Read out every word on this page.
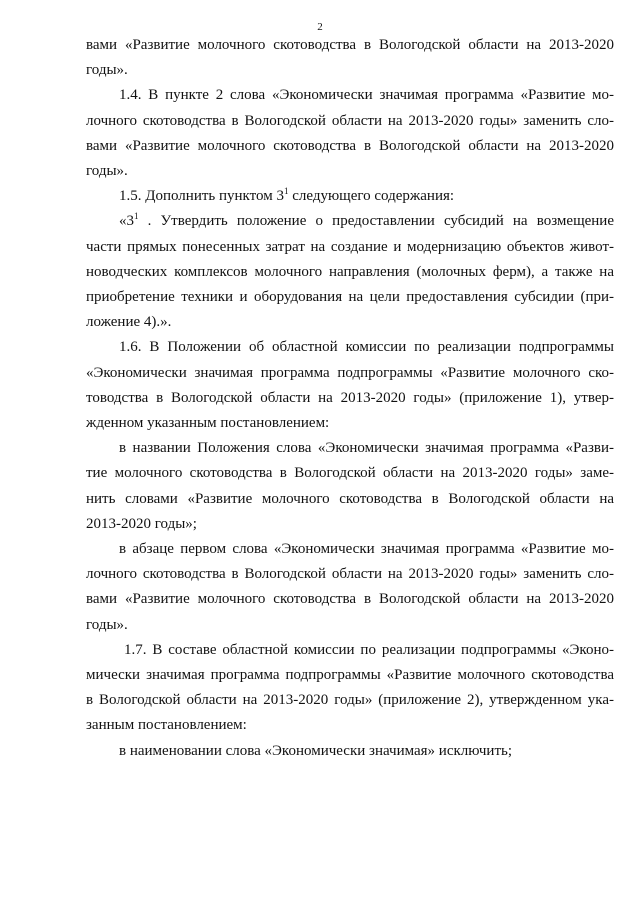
2
вами «Развитие молочного скотоводства в Вологодской области на 2013-2020
годы».
1.4. В пункте 2 слова «Экономически значимая программа «Развитие мо-
лочного скотоводства в Вологодской области на 2013-2020 годы» заменить сло-
вами «Развитие молочного скотоводства в Вологодской области на 2013-2020
годы».
1.5. Дополнить пунктом $3^1$ следующего содержания:
«$3^1$ . Утвердить положение о предоставлении субсидий на возмещение
части прямых понесенных затрат на создание и модернизацию объектов живот-
новодческих комплексов молочного направления (молочных ферм), а также на
приобретение техники и оборудования на цели предоставления субсидии (при-
ложение 4).».
1.6. В Положении об областной комиссии по реализации подпрограммы
«Экономически значимая программа подпрограммы «Развитие молочного ско-
товодства в Вологодской области на 2013-2020 годы» (приложение 1), утвер-
жденном указанным постановлением:
в названии Положения слова «Экономически значимая программа «Разви-
тие молочного скотоводства в Вологодской области на 2013-2020 годы» заме-
нить словами «Развитие молочного скотоводства в Вологодской области на
2013-2020 годы»;
в абзаце первом слова «Экономически значимая программа «Развитие мо-
лочного скотоводства в Вологодской области на 2013-2020 годы» заменить сло-
вами «Развитие молочного скотоводства в Вологодской области на 2013-2020
годы».
1.7. В составе областной комиссии по реализации подпрограммы «Эконо-
мически значимая программа подпрограммы «Развитие молочного скотоводства
в Вологодской области на 2013-2020 годы» (приложение 2), утвержденном ука-
занным постановлением:
в наименовании слова «Экономически значимая» исключить;
